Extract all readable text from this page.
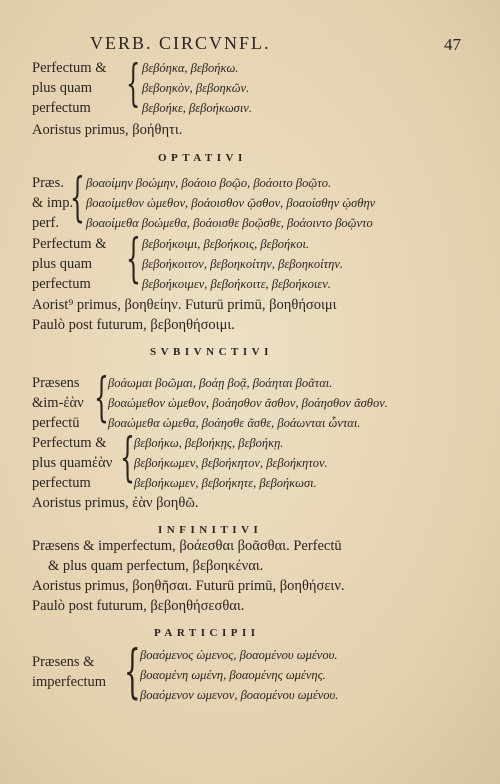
VERB. CIRCVNFL.	47
Perfectum &
plus quam
perfectum { βεβόηκα, βεβοήκω.
βεβοηκὸν, βεβοηκῶν.
βεβοήκε, βεβοήκωσιν.
Aoristus primus, βοήθητι.
OPTATIVI
Præs.
& imp.
perf. { βοαοίμην βοώμην, βοάοιο βοῷο, βοάοιτο βοῷτο.
βοαοίμεθον ὠμεθον, βοάοισθον ῷσθον, βοαοίσθην ῴσθην
βοαοίμεθα βοώμεθα, βοάοισθε βοῷσθε, βοάοιντο βοῷντο
Perfectum &
plus quam
perfectum { βεβοήκοιμι, βεβοήκοις, βεβοήκοι.
βεβοήκοιτον, βεβοηκοίτην, βεβοηκοίτην.
βεβοήκοιμεν, βεβοήκοιτε, βεβοήκοιεν.
Aorist⁹ primus, βοηθείην. Futurū primū, βοηθήσοιμι
Paulò post futurum, βεβοηθήσοιμι.
SVBIVNCTIVI
Præsens
&im-ἐὰν
perfectū { βοάωμαι βοῶμαι, βοάῃ βοᾷ, βοάηται βοᾶται.
βοαώμεθον ὠμεθον, βοάησθον ᾶσθον, βοάησθον ᾶσθον.
βοαώμεθα ὠμεθα, βοάησθε ᾶσθε, βοάωνται ὦνται.
Perfectum &
plus quamἐὰν
perfectum { βεβοήκω, βεβοήκῃς, βεβοήκῃ.
βεβοήκωμεν, βεβοήκητον, βεβοήκητον.
βεβοήκωμεν, βεβοήκητε, βεβοήκωσι.
Aoristus primus, ἐὰν βοηθῶ.
INFINITIVI
Præsens & imperfectum, βοάεσθαι βοᾶσθαι. Perfectū
& plus quam perfectum, βεβοηκέναι.
Aoristus primus, βοηθῆσαι. Futurū primū, βοηθήσειν.
Paulò post futurum, βεβοηθήσεσθαι.
PARTICIPII
Præsens &
imperfectum { βοαόμενος ὠμενος, βοαομένου ωμένου.
βοαομένη ωμένη, βοαομένης ωμένης.
βοαόμενον ωμενον, βοαομένου ωμένου.
